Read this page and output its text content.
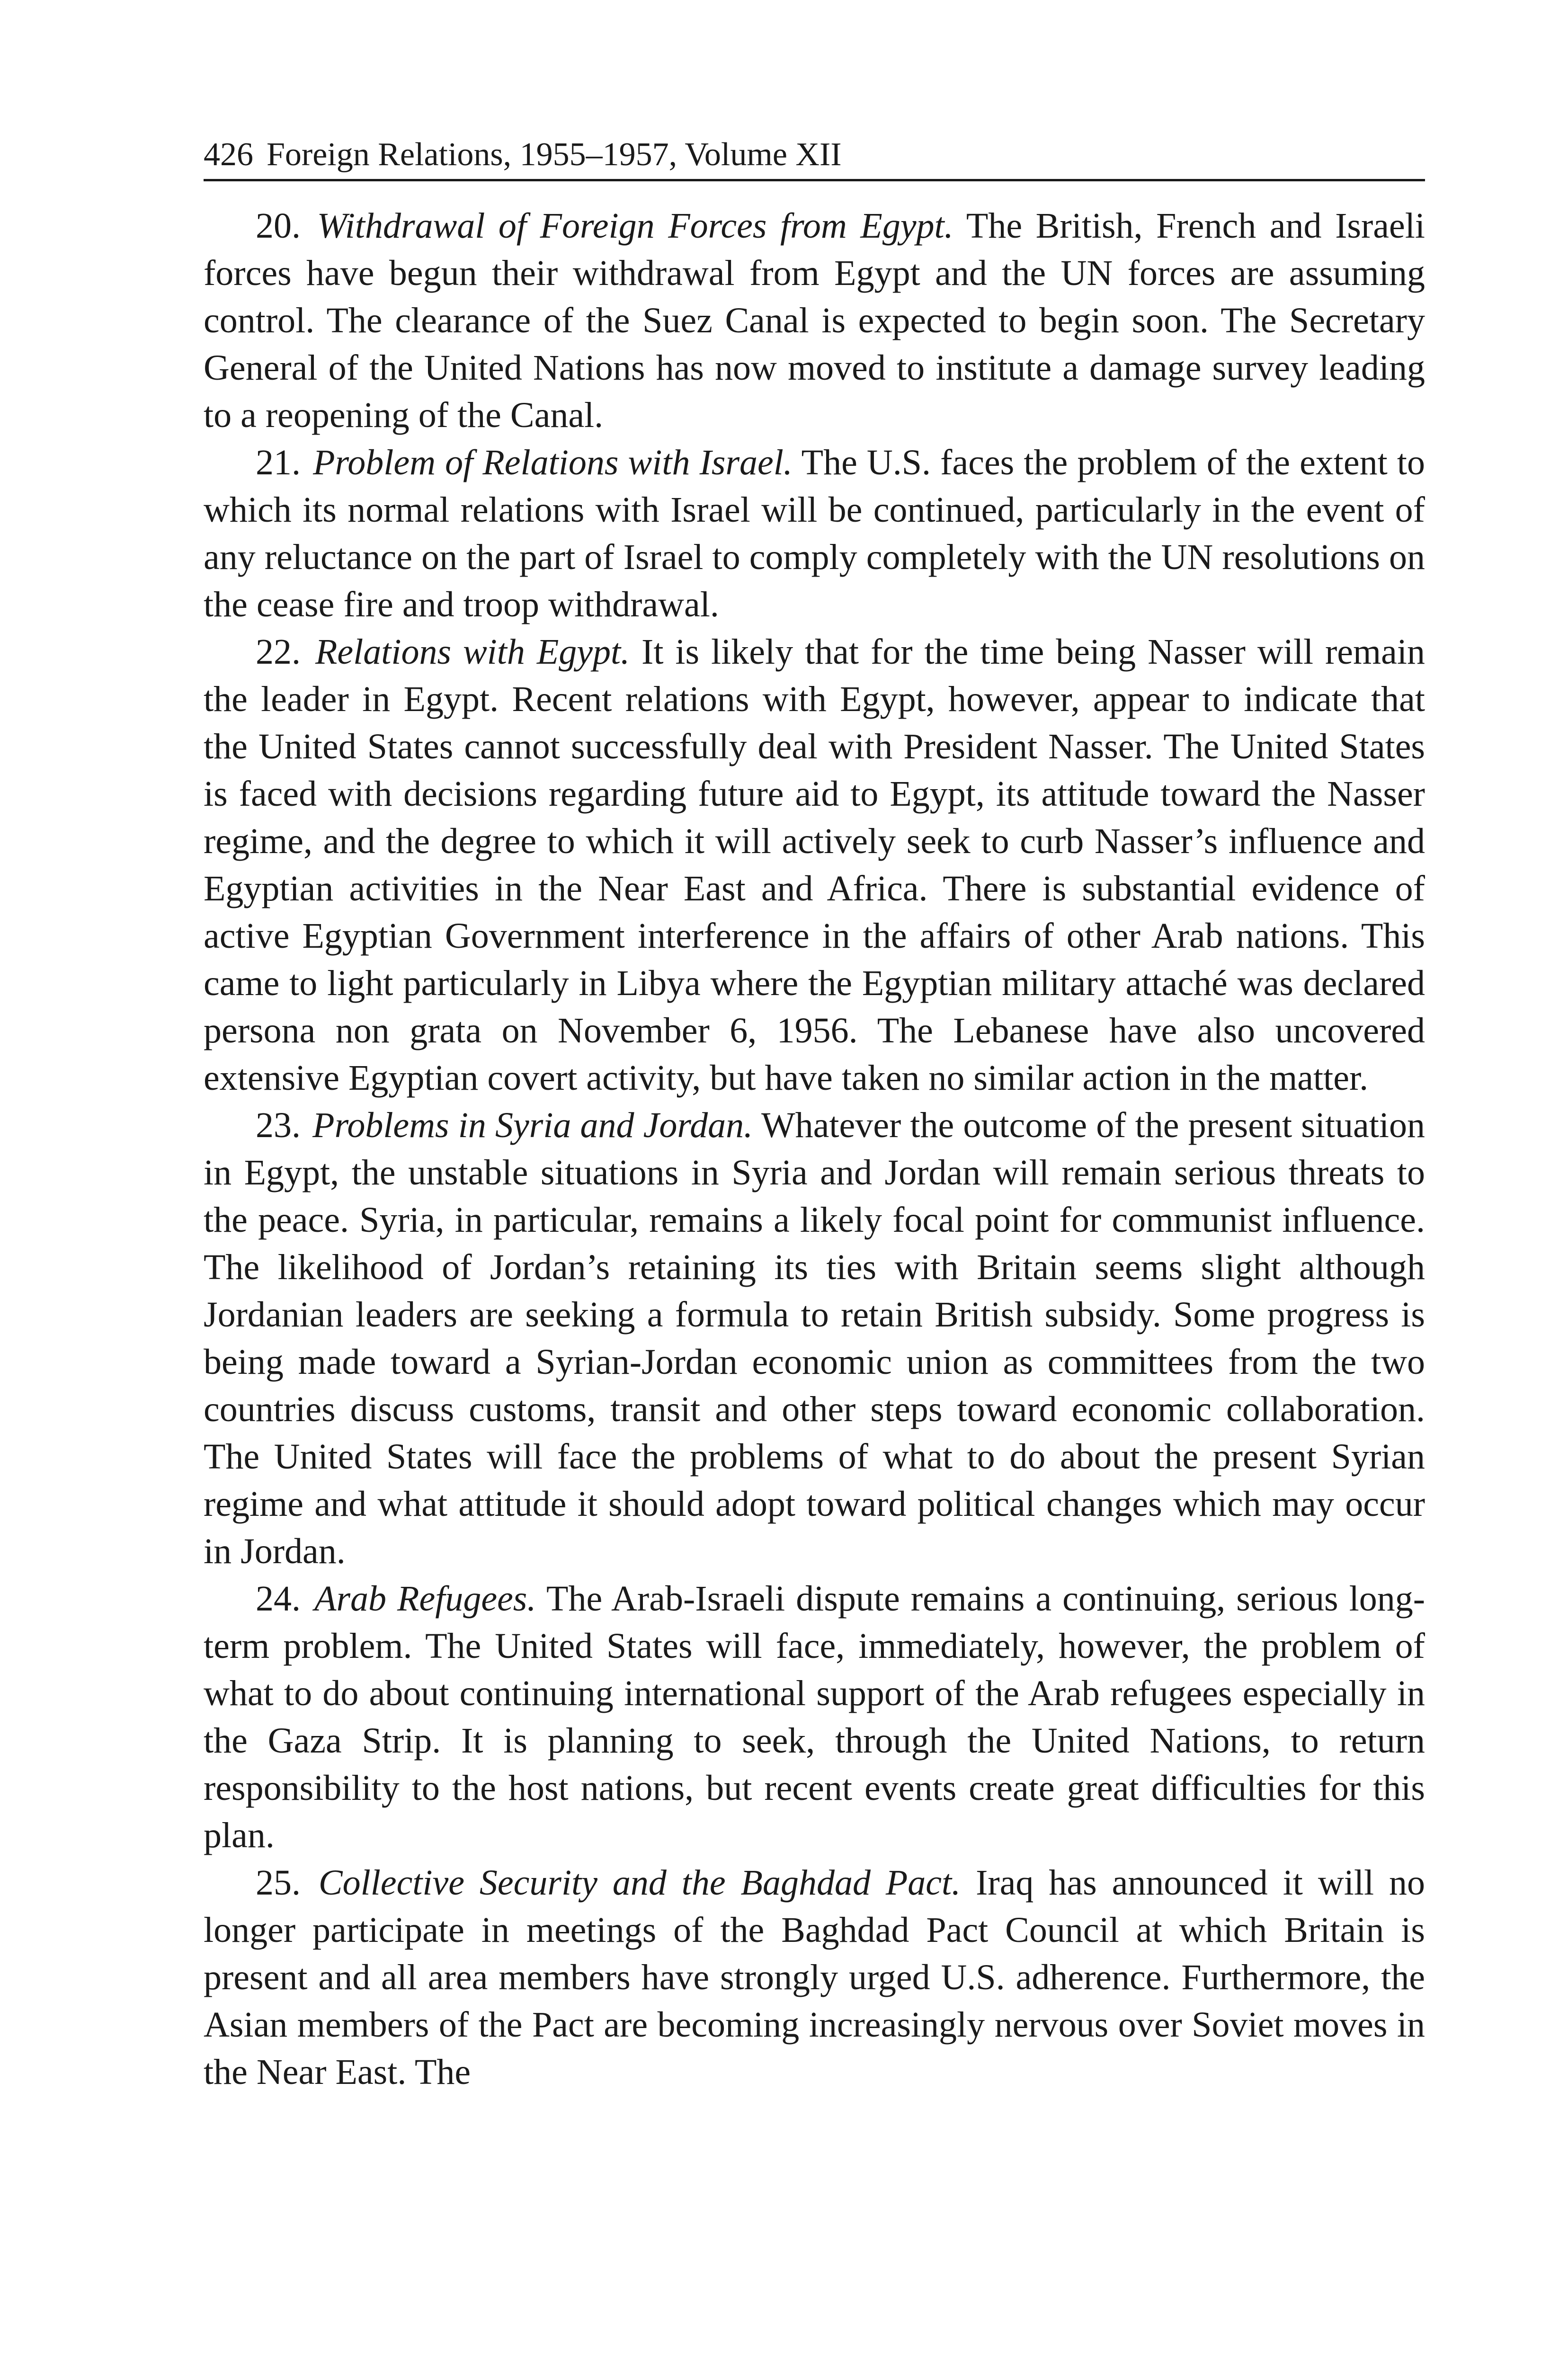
426 Foreign Relations, 1955–1957, Volume XII

20. Withdrawal of Foreign Forces from Egypt. The British, French and Israeli forces have begun their withdrawal from Egypt and the UN forces are assuming control. The clearance of the Suez Canal is expected to begin soon. The Secretary General of the United Nations has now moved to institute a damage survey leading to a reopening of the Canal.

21. Problem of Relations with Israel. The U.S. faces the problem of the extent to which its normal relations with Israel will be continued, particularly in the event of any reluctance on the part of Israel to comply completely with the UN resolutions on the cease fire and troop withdrawal.

22. Relations with Egypt. It is likely that for the time being Nasser will remain the leader in Egypt. Recent relations with Egypt, however, appear to indicate that the United States cannot successfully deal with President Nasser. The United States is faced with decisions regarding future aid to Egypt, its attitude toward the Nasser regime, and the degree to which it will actively seek to curb Nasser’s influence and Egyptian activities in the Near East and Africa. There is substantial evidence of active Egyptian Government interference in the affairs of other Arab nations. This came to light particularly in Libya where the Egyptian military attaché was declared persona non grata on November 6, 1956. The Lebanese have also uncovered extensive Egyptian covert activity, but have taken no similar action in the matter.

23. Problems in Syria and Jordan. Whatever the outcome of the present situation in Egypt, the unstable situations in Syria and Jordan will remain serious threats to the peace. Syria, in particular, remains a likely focal point for communist influence. The likelihood of Jordan’s retaining its ties with Britain seems slight although Jordanian leaders are seeking a formula to retain British subsidy. Some progress is being made toward a Syrian-Jordan economic union as committees from the two countries discuss customs, transit and other steps toward economic collaboration. The United States will face the problems of what to do about the present Syrian regime and what attitude it should adopt toward political changes which may occur in Jordan.

24. Arab Refugees. The Arab-Israeli dispute remains a continuing, serious long-term problem. The United States will face, immediately, however, the problem of what to do about continuing international support of the Arab refugees especially in the Gaza Strip. It is planning to seek, through the United Nations, to return responsibility to the host nations, but recent events create great difficulties for this plan.

25. Collective Security and the Baghdad Pact. Iraq has announced it will no longer participate in meetings of the Baghdad Pact Council at which Britain is present and all area members have strongly urged U.S. adherence. Furthermore, the Asian members of the Pact are becoming increasingly nervous over Soviet moves in the Near East. The
